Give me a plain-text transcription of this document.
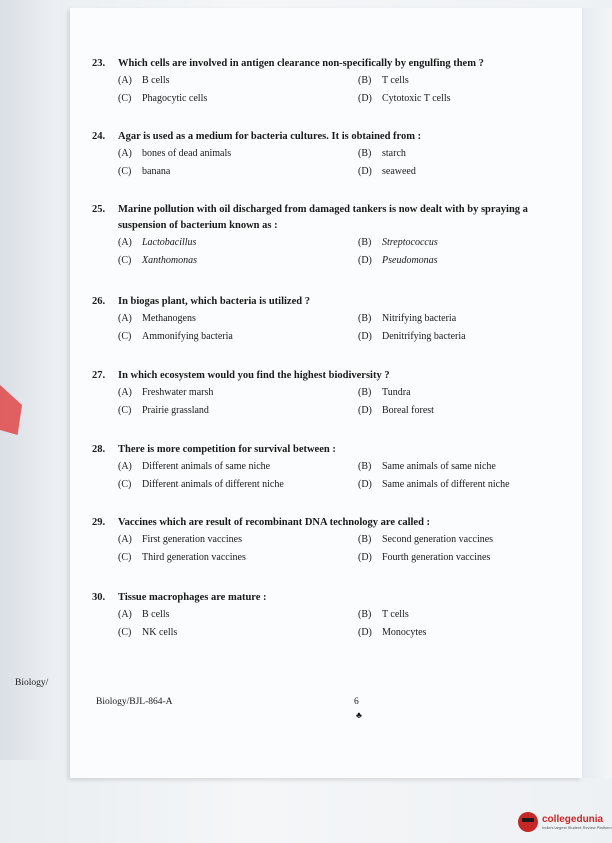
Biology/
23.	Which cells are involved in antigen clearance non-specifically by engulfing them ?
(A)	B cells	(B)	T cells
(C)	Phagocytic cells	(D)	Cytotoxic T cells
24.	Agar is used as a medium for bacteria cultures. It is obtained from :
(A)	bones of dead animals	(B)	starch
(C)	banana	(D)	seaweed
25.	Marine pollution with oil discharged from damaged tankers is now dealt with by spraying a suspension of bacterium known as :
(A)	Lactobacillus	(B)	Streptococcus
(C)	Xanthomonas	(D)	Pseudomonas
26.	In biogas plant, which bacteria is utilized ?
(A)	Methanogens	(B)	Nitrifying bacteria
(C)	Ammonifying bacteria	(D)	Denitrifying bacteria
27.	In which ecosystem would you find the highest biodiversity ?
(A)	Freshwater marsh	(B)	Tundra
(C)	Prairie grassland	(D)	Boreal forest
28.	There is more competition for survival between :
(A)	Different animals of same niche	(B)	Same animals of same niche
(C)	Different animals of different niche	(D)	Same animals of different niche
29.	Vaccines which are result of recombinant DNA technology are called :
(A)	First generation vaccines	(B)	Second generation vaccines
(C)	Third generation vaccines	(D)	Fourth generation vaccines
30.	Tissue macrophages are mature :
(A)	B cells	(B)	T cells
(C)	NK cells	(D)	Monocytes
Biology/BJL-864-A	6
♣
collegedunia
India's largest Student Review Platform
